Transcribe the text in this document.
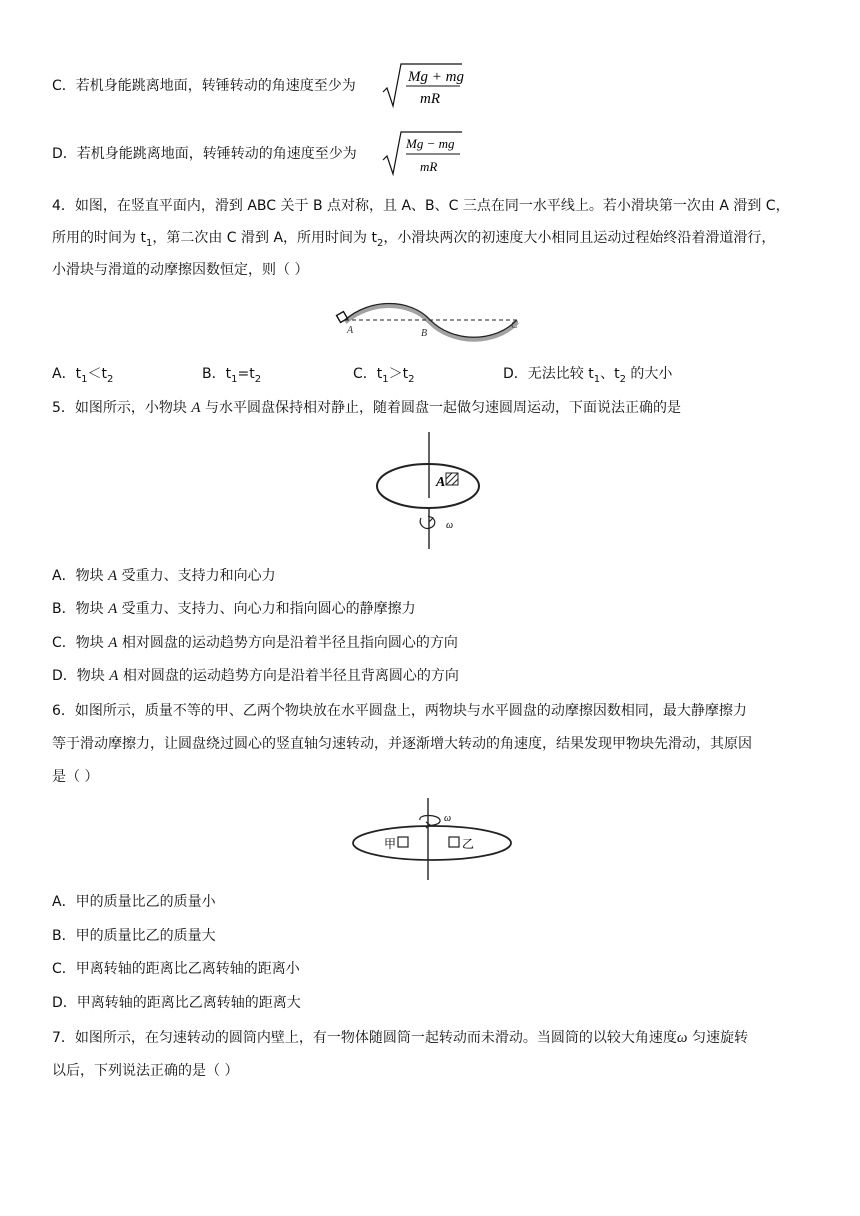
C．若机身能跳离地面，转锤转动的角速度至少为
Mg + mg
mR
D．若机身能跳离地面，转锤转动的角速度至少为
Mg − mg
mR
4．如图，在竖直平面内，滑到 ABC 关于 B 点对称，且 A、B、C 三点在同一水平线上。若小滑块第一次由 A 滑到 C，
所用的时间为 $t_1$，第二次由 C 滑到 A，所用时间为 $t_2$，小滑块两次的初速度大小相同且运动过程始终沿着滑道滑行，
小滑块与滑道的动摩擦因数恒定，则（ ）
A	B
C
A．$t_1<t_2$	B．$t_1=t_2$	C．$t_1>t_2$	D．无法比较 $t_1$、$t_2$ 的大小
5．如图所示，小物块 A 与水平圆盘保持相对静止，随着圆盘一起做匀速圆周运动，下面说法正确的是
A
ω
A．物块 A 受重力、支持力和向心力
B．物块 A 受重力、支持力、向心力和指向圆心的静摩擦力
C．物块 A 相对圆盘的运动趋势方向是沿着半径且指向圆心的方向
D．物块 A 相对圆盘的运动趋势方向是沿着半径且背离圆心的方向
6．如图所示，质量不等的甲、乙两个物块放在水平圆盘上，两物块与水平圆盘的动摩擦因数相同，最大静摩擦力
等于滑动摩擦力，让圆盘绕过圆心的竖直轴匀速转动，并逐渐增大转动的角速度，结果发现甲物块先滑动，其原因
是（ ）
ω
甲	乙
A．甲的质量比乙的质量小
B．甲的质量比乙的质量大
C．甲离转轴的距离比乙离转轴的距离小
D．甲离转轴的距离比乙离转轴的距离大
7．如图所示，在匀速转动的圆筒内壁上，有一物体随圆筒一起转动而未滑动。当圆筒的以较大角速度ω 匀速旋转
以后，下列说法正确的是（ ）
